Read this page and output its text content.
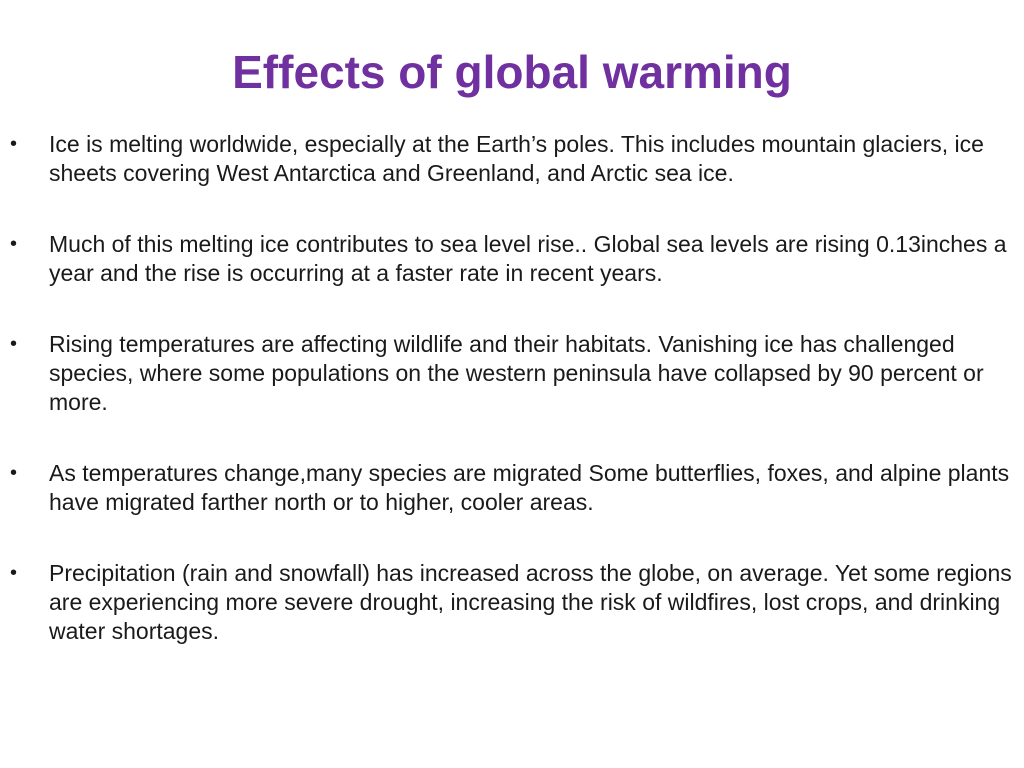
Effects of global warming
•	Ice is melting worldwide, especially at the Earth’s poles. This includes mountain glaciers, ice sheets covering West Antarctica and Greenland, and Arctic sea ice.
•	Much of this melting ice contributes to sea level rise.. Global sea levels are rising 0.13inches a year and the rise is occurring at a faster rate in recent years.
•	Rising temperatures are affecting wildlife and their habitats. Vanishing ice has challenged species, where some populations on the western peninsula have collapsed by 90 percent or more.
•	As temperatures change,many species are migrated Some butterflies, foxes, and alpine plants have migrated farther north or to higher, cooler areas.
•	Precipitation (rain and snowfall) has increased across the globe, on average. Yet some regions are experiencing more severe drought, increasing the risk of wildfires, lost crops, and drinking water shortages.
